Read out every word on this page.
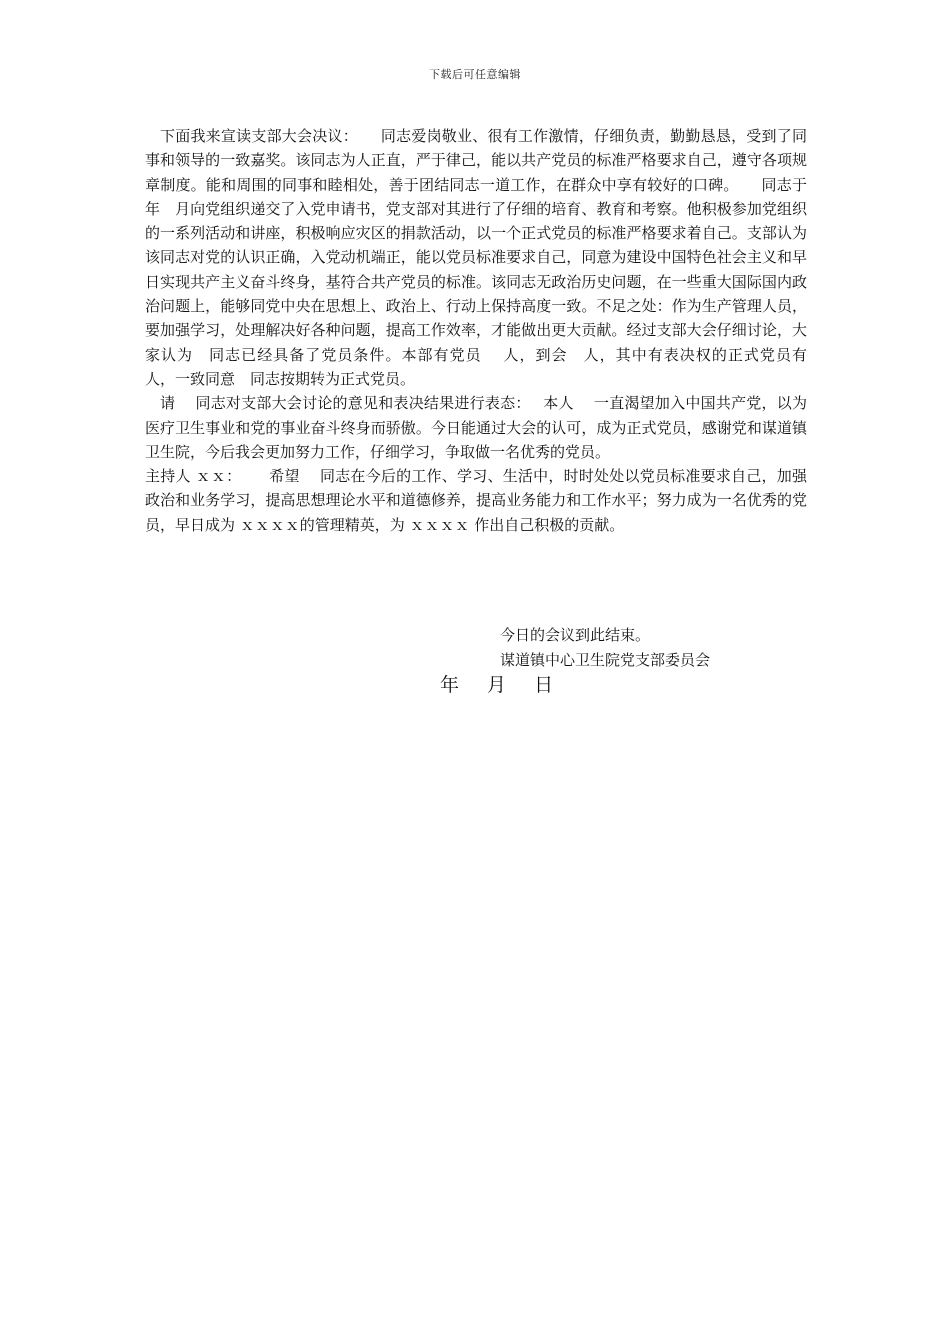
下载后可任意编辑

下面我来宣读支部大会决议：　　同志爱岗敬业、很有工作激情，仔细负责，勤勤恳恳，受到了同事和领导的一致嘉奖。该同志为人正直，严于律己，能以共产党员的标准严格要求自己，遵守各项规章制度。能和周围的同事和睦相处，善于团结同志一道工作，在群众中享有较好的口碑。　　同志于　年　月向党组织递交了入党申请书，党支部对其进行了仔细的培育、教育和考察。他积极参加党组织的一系列活动和讲座，积极响应灾区的捐款活动，以一个正式党员的标准严格要求着自己。支部认为该同志对党的认识正确，入党动机端正，能以党员标准要求自己，同意为建设中国特色社会主义和早日实现共产主义奋斗终身，基符合共产党员的标准。该同志无政治历史问题，在一些重大国际国内政治问题上，能够同党中央在思想上、政治上、行动上保持高度一致。不足之处：作为生产管理人员，要加强学习，处理解决好各种问题，提高工作效率，才能做出更大贡献。经过支部大会仔细讨论，大家认为　同志已经具备了党员条件。本部有党员　 人，到会　人，其中有表决权的正式党员有　人，一致同意　同志按期转为正式党员。

请　 同志对支部大会讨论的意见和表决结果进行表态：　 本人　 一直渴望加入中国共产党，以为医疗卫生事业和党的事业奋斗终身而骄傲。今日能通过大会的认可，成为正式党员，感谢党和谋道镇卫生院，今后我会更加努力工作，仔细学习，争取做一名优秀的党员。

主持人 ｘｘ：　　 希望　 同志在今后的工作、学习、生活中，时时处处以党员标准要求自己，加强政治和业务学习，提高思想理论水平和道德修养，提高业务能力和工作水平；努力成为一名优秀的党员，早日成为 ｘｘｘｘ的管理精英，为 ｘｘｘｘ 作出自己积极的贡献。

今日的会议到此结束。
谋道镇中心卫生院党支部委员会
年　 月　 日
